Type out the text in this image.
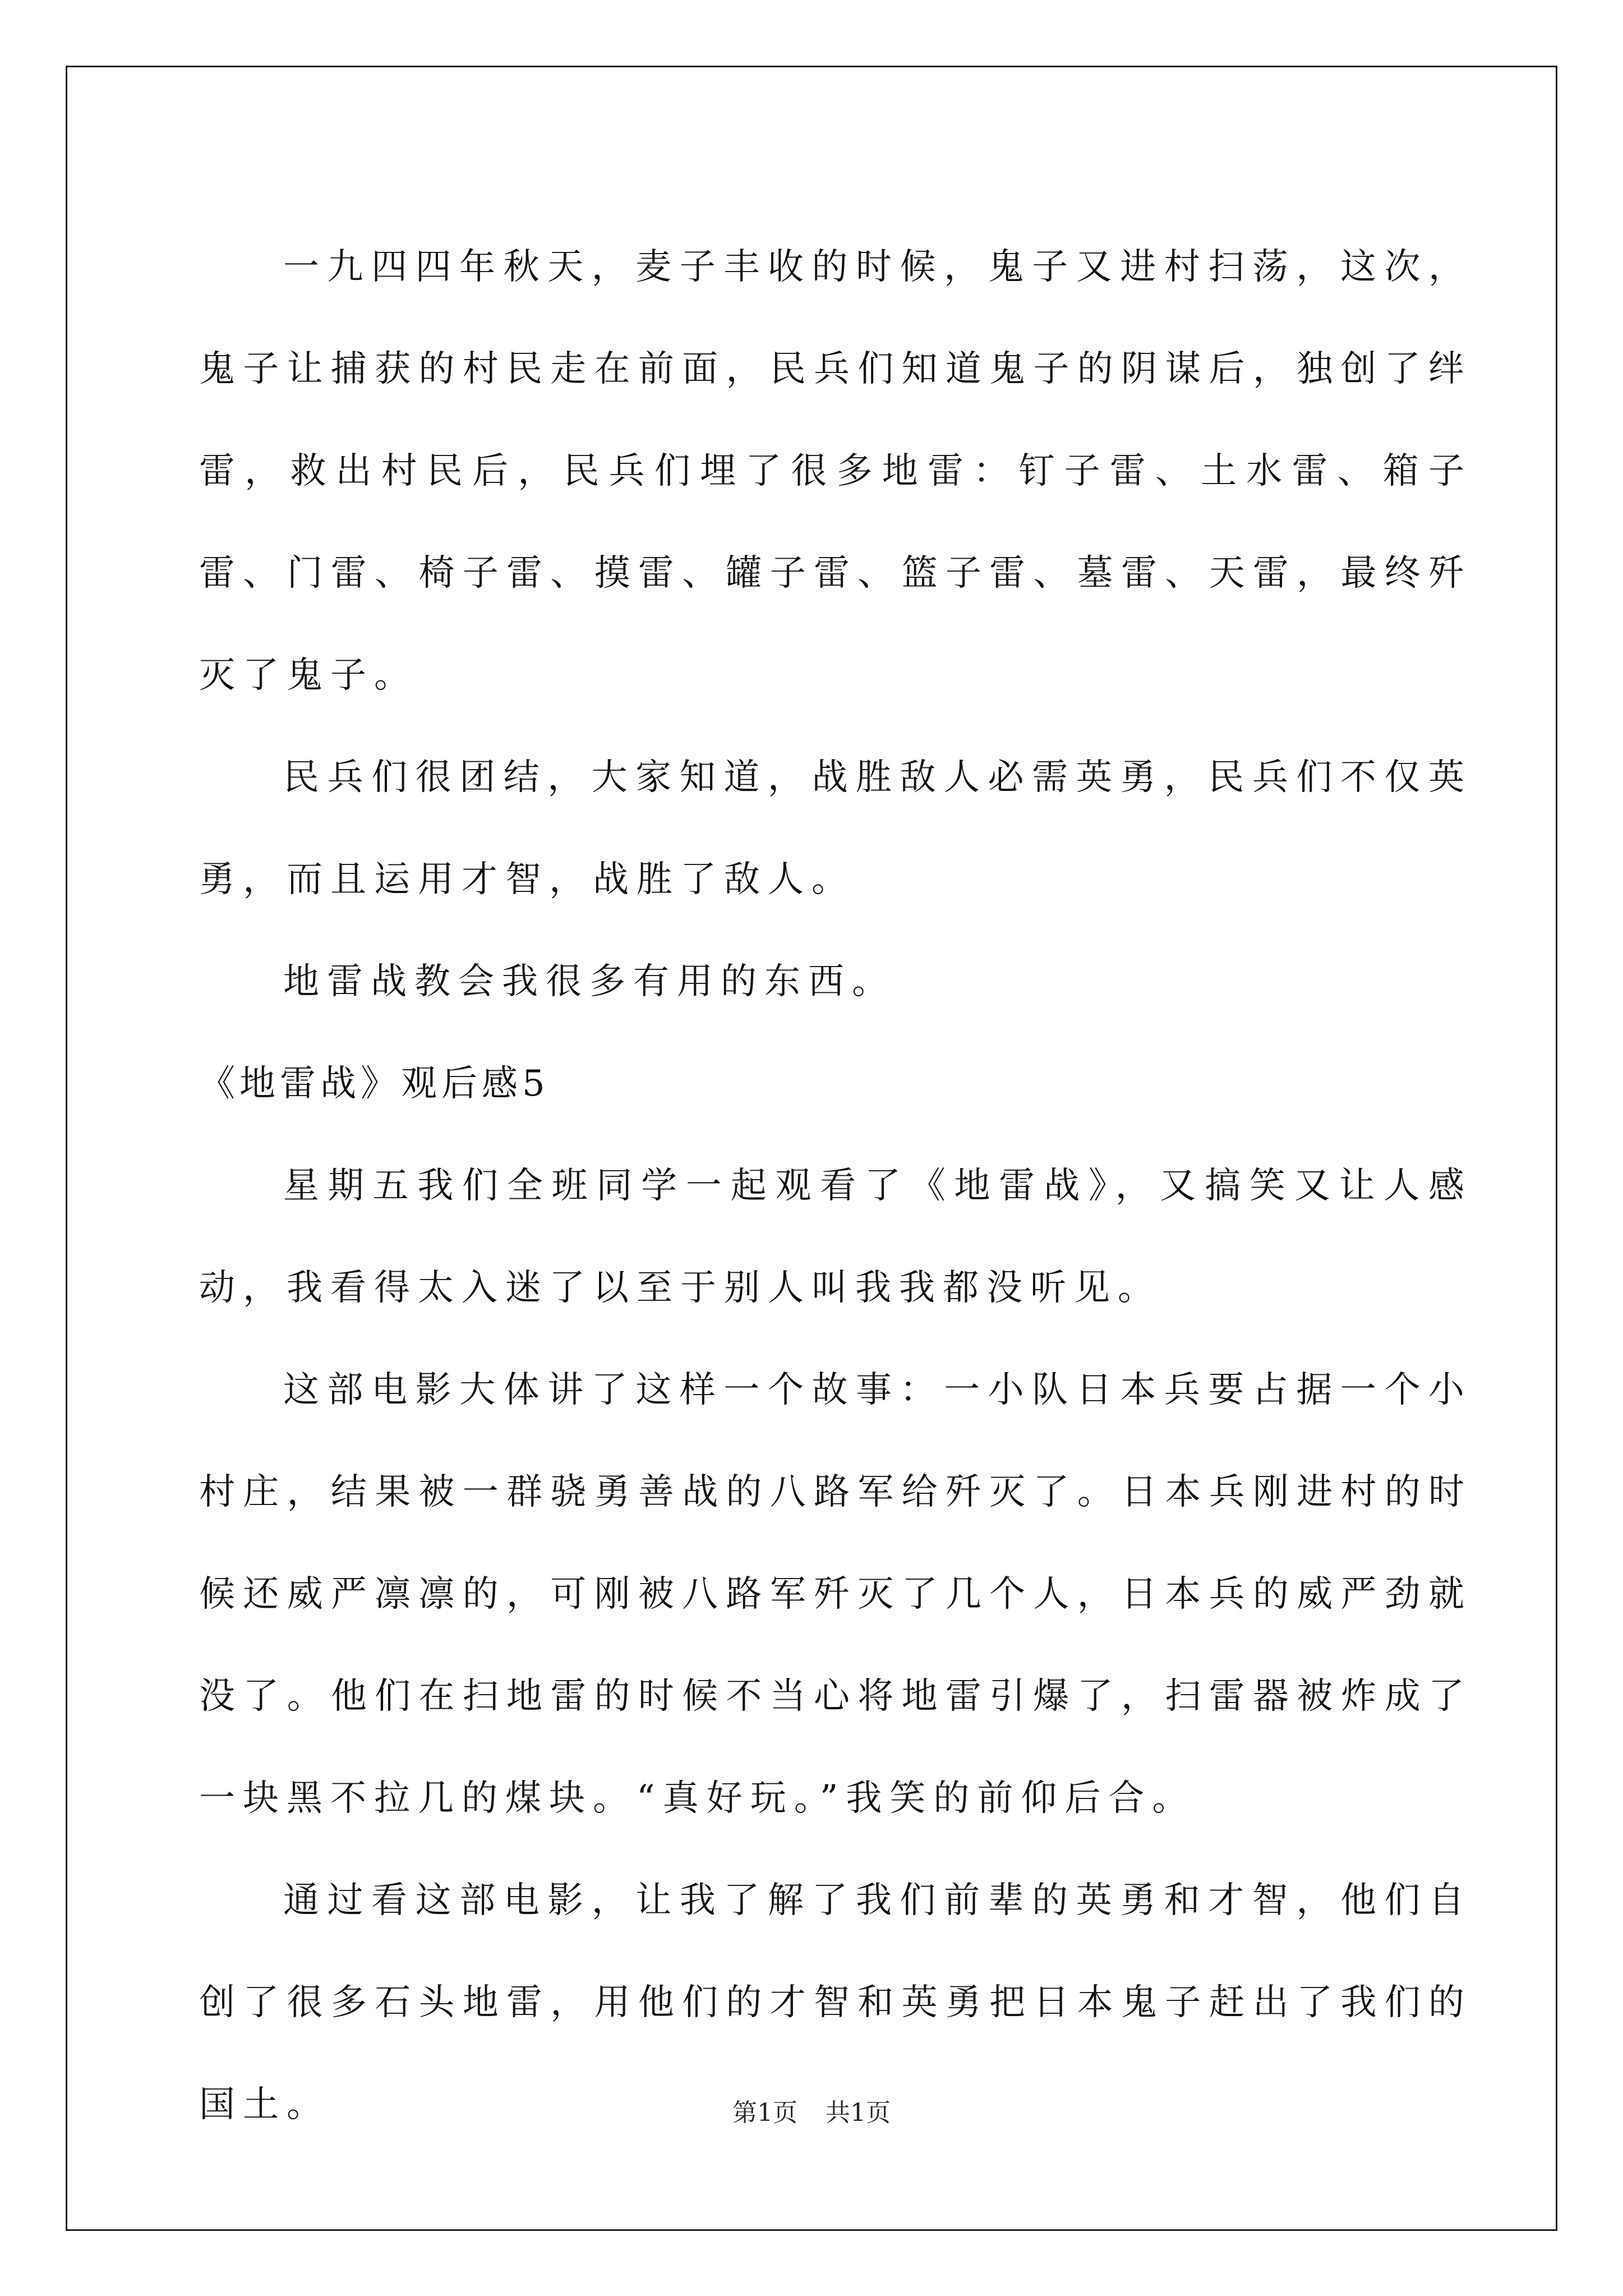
一九四四年秋天，麦子丰收的时候，鬼子又进村扫荡，这次，鬼子让捕获的村民走在前面，民兵们知道鬼子的阴谋后，独创了绊雷，救出村民后，民兵们埋了很多地雷：钉子雷、土水雷、箱子雷、门雷、椅子雷、摸雷、罐子雷、篮子雷、墓雷、天雷，最终歼灭了鬼子。

民兵们很团结，大家知道，战胜敌人必需英勇，民兵们不仅英勇，而且运用才智，战胜了敌人。

地雷战教会我很多有用的东西。

《地雷战》观后感5

星期五我们全班同学一起观看了《地雷战》，又搞笑又让人感动，我看得太入迷了以至于别人叫我我都没听见。

这部电影大体讲了这样一个故事：一小队日本兵要占据一个小村庄，结果被一群骁勇善战的八路军给歼灭了。日本兵刚进村的时候还威严凛凛的，可刚被八路军歼灭了几个人，日本兵的威严劲就没了。他们在扫地雷的时候不当心将地雷引爆了，扫雷器被炸成了一块黑不拉几的煤块。“真好玩。”我笑的前仰后合。

通过看这部电影，让我了解了我们前辈的英勇和才智，他们自创了很多石头地雷，用他们的才智和英勇把日本鬼子赶出了我们的国土。	第1页 共1页
